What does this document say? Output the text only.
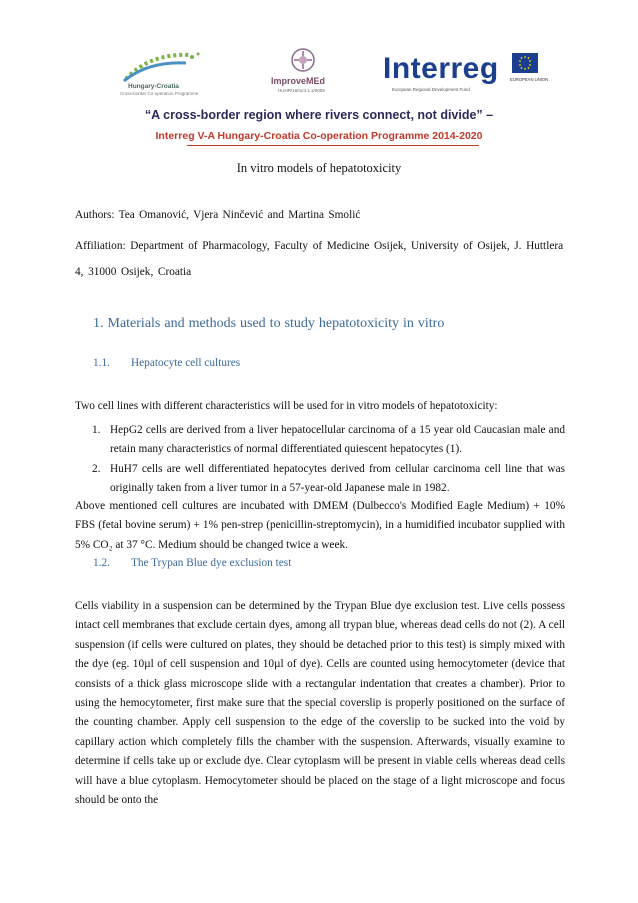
Hungary-Croatia
Cross-border Co-operation Programme
ImproveMEd
HUHR/1601/4.1.1/0009
Interreg
European Regional Development Fund
EUROPEAN UNION
“A cross-border region where rivers connect, not divide” –
Interreg V-A Hungary-Croatia Co-operation Programme 2014-2020
In vitro models of hepatotoxicity
Authors: Tea Omanović, Vjera Ninčević and Martina Smolić
Affiliation: Department of Pharmacology, Faculty of Medicine Osijek, University of Osijek, J. Huttlera 4, 31000 Osijek, Croatia
1. Materials and methods used to study hepatotoxicity in vitro
1.1. Hepatocyte cell cultures
Two cell lines with different characteristics will be used for in vitro models of hepatotoxicity:
1. HepG2 cells are derived from a liver hepatocellular carcinoma of a 15 year old Caucasian male and retain many characteristics of normal differentiated quiescent hepatocytes (1).
2. HuH7 cells are well differentiated hepatocytes derived from cellular carcinoma cell line that was originally taken from a liver tumor in a 57-year-old Japanese male in 1982.
Above mentioned cell cultures are incubated with DMEM (Dulbecco's Modified Eagle Medium) + 10% FBS (fetal bovine serum) + 1% pen-strep (penicillin-streptomycin), in a humidified incubator supplied with 5% CO₂ at 37 °C. Medium should be changed twice a week.
1.2. The Trypan Blue dye exclusion test
Cells viability in a suspension can be determined by the Trypan Blue dye exclusion test. Live cells possess intact cell membranes that exclude certain dyes, among all trypan blue, whereas dead cells do not (2). A cell suspension (if cells were cultured on plates, they should be detached prior to this test) is simply mixed with the dye (eg. 10µl of cell suspension and 10µl of dye). Cells are counted using hemocytometer (device that consists of a thick glass microscope slide with a rectangular indentation that creates a chamber). Prior to using the hemocytometer, first make sure that the special coverslip is properly positioned on the surface of the counting chamber. Apply cell suspension to the edge of the coverslip to be sucked into the void by capillary action which completely fills the chamber with the suspension. Afterwards, visually examine to determine if cells take up or exclude dye. Clear cytoplasm will be present in viable cells whereas dead cells will have a blue cytoplasm. Hemocytometer should be placed on the stage of a light microscope and focus should be onto the
